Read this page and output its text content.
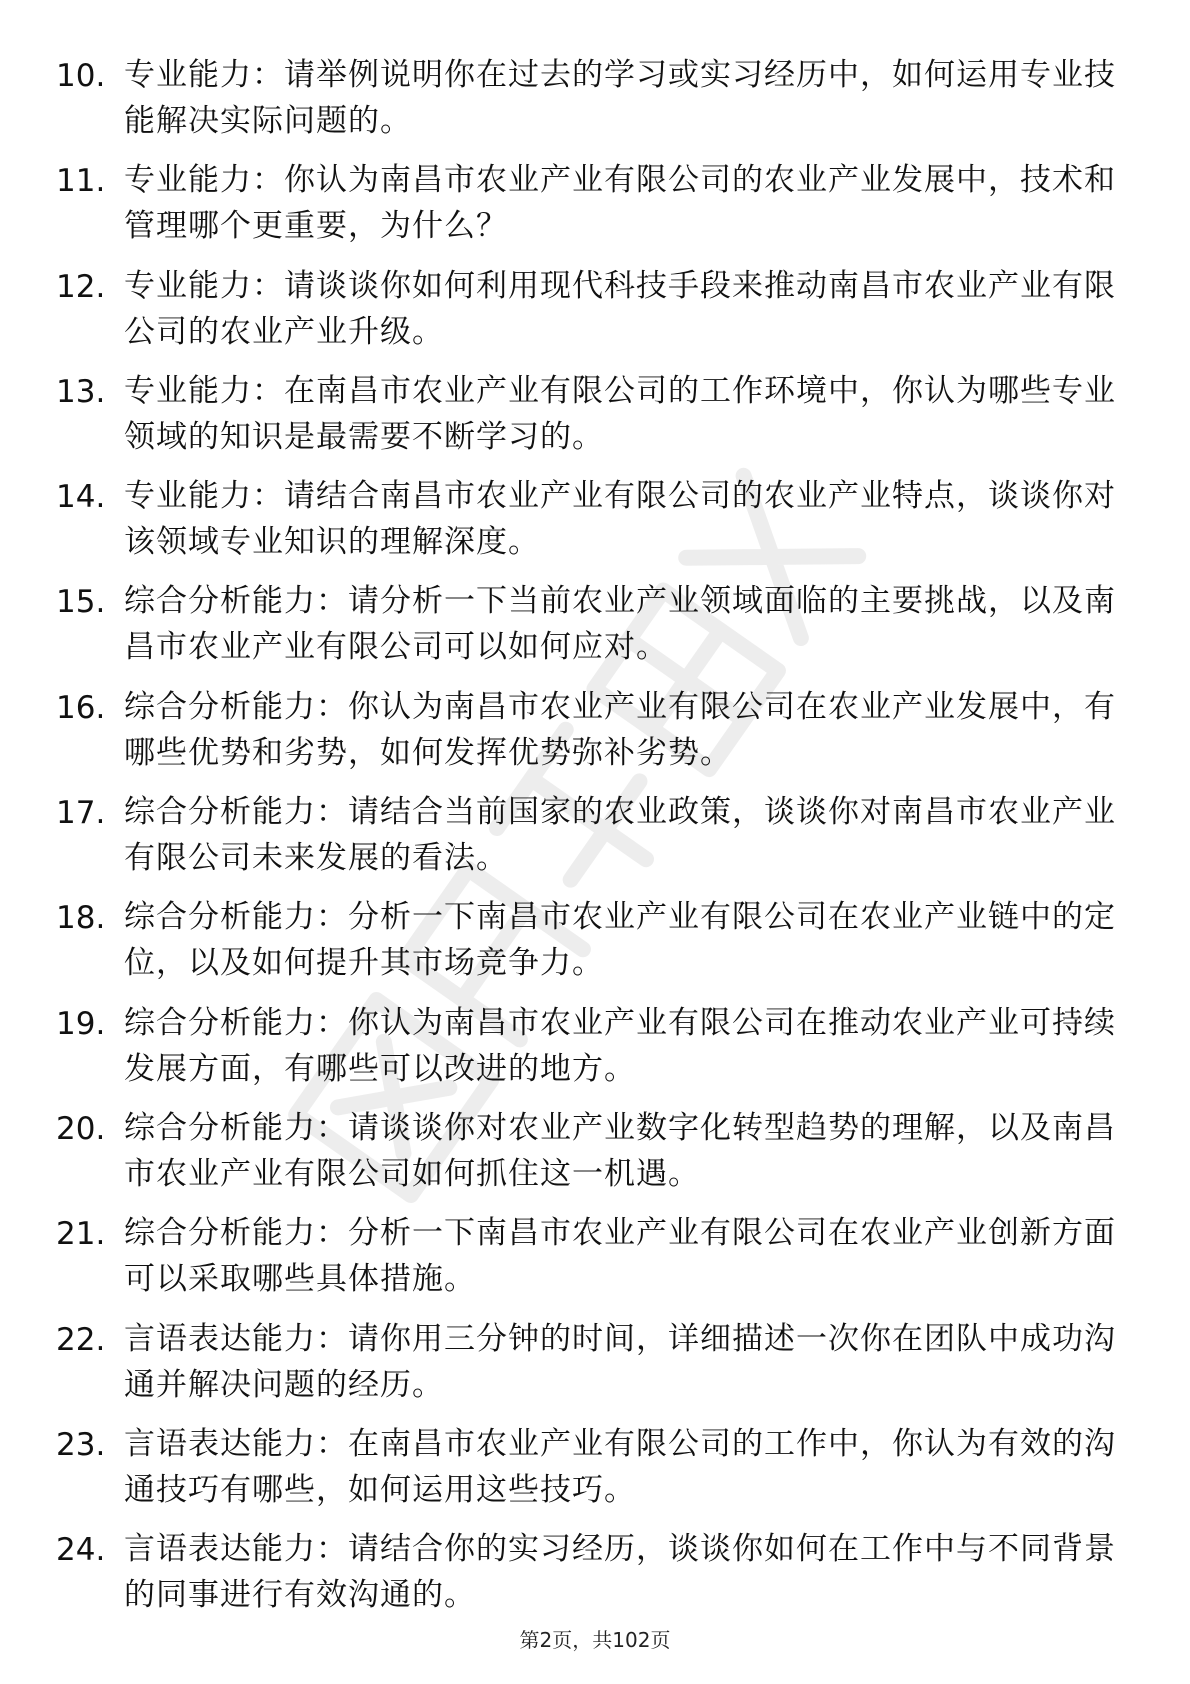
10. 专业能力：请举例说明你在过去的学习或实习经历中，如何运用专业技能解决实际问题的。
11. 专业能力：你认为南昌市农业产业有限公司的农业产业发展中，技术和管理哪个更重要，为什么？
12. 专业能力：请谈谈你如何利用现代科技手段来推动南昌市农业产业有限公司的农业产业升级。
13. 专业能力：在南昌市农业产业有限公司的工作环境中，你认为哪些专业领域的知识是最需要不断学习的。
14. 专业能力：请结合南昌市农业产业有限公司的农业产业特点，谈谈你对该领域专业知识的理解深度。
15. 综合分析能力：请分析一下当前农业产业领域面临的主要挑战，以及南昌市农业产业有限公司可以如何应对。
16. 综合分析能力：你认为南昌市农业产业有限公司在农业产业发展中，有哪些优势和劣势，如何发挥优势弥补劣势。
17. 综合分析能力：请结合当前国家的农业政策，谈谈你对南昌市农业产业有限公司未来发展的看法。
18. 综合分析能力：分析一下南昌市农业产业有限公司在农业产业链中的定位，以及如何提升其市场竞争力。
19. 综合分析能力：你认为南昌市农业产业有限公司在推动农业产业可持续发展方面，有哪些可以改进的地方。
20. 综合分析能力：请谈谈你对农业产业数字化转型趋势的理解，以及南昌市农业产业有限公司如何抓住这一机遇。
21. 综合分析能力：分析一下南昌市农业产业有限公司在农业产业创新方面可以采取哪些具体措施。
22. 言语表达能力：请你用三分钟的时间，详细描述一次你在团队中成功沟通并解决问题的经历。
23. 言语表达能力：在南昌市农业产业有限公司的工作中，你认为有效的沟通技巧有哪些，如何运用这些技巧。
24. 言语表达能力：请结合你的实习经历，谈谈你如何在工作中与不同背景的同事进行有效沟通的。
第2页，共102页
